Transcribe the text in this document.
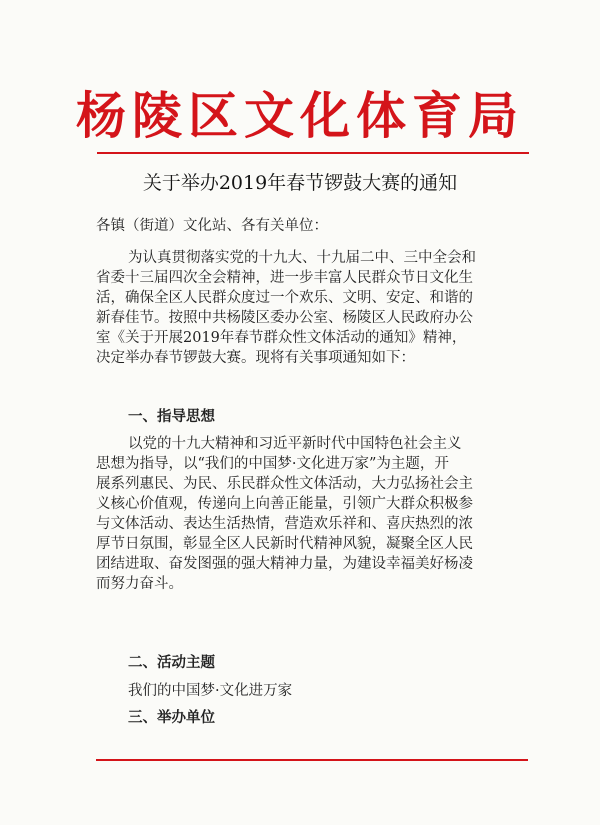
杨陵区文化体育局
关于举办2019年春节锣鼓大赛的通知
各镇（街道）文化站、各有关单位：
为认真贯彻落实党的十九大、十九届二中、三中全会和
省委十三届四次全会精神，进一步丰富人民群众节日文化生
活，确保全区人民群众度过一个欢乐、文明、安定、和谐的
新春佳节。按照中共杨陵区委办公室、杨陵区人民政府办公
室《关于开展2019年春节群众性文体活动的通知》精神，
决定举办春节锣鼓大赛。现将有关事项通知如下：
一、指导思想
以党的十九大精神和习近平新时代中国特色社会主义
思想为指导，以“我们的中国梦·文化进万家”为主题，开
展系列惠民、为民、乐民群众性文体活动，大力弘扬社会主
义核心价值观，传递向上向善正能量，引领广大群众积极参
与文体活动、表达生活热情，营造欢乐祥和、喜庆热烈的浓
厚节日氛围，彰显全区人民新时代精神风貌，凝聚全区人民
团结进取、奋发图强的强大精神力量，为建设幸福美好杨凌
而努力奋斗。
二、活动主题
我们的中国梦·文化进万家
三、举办单位
